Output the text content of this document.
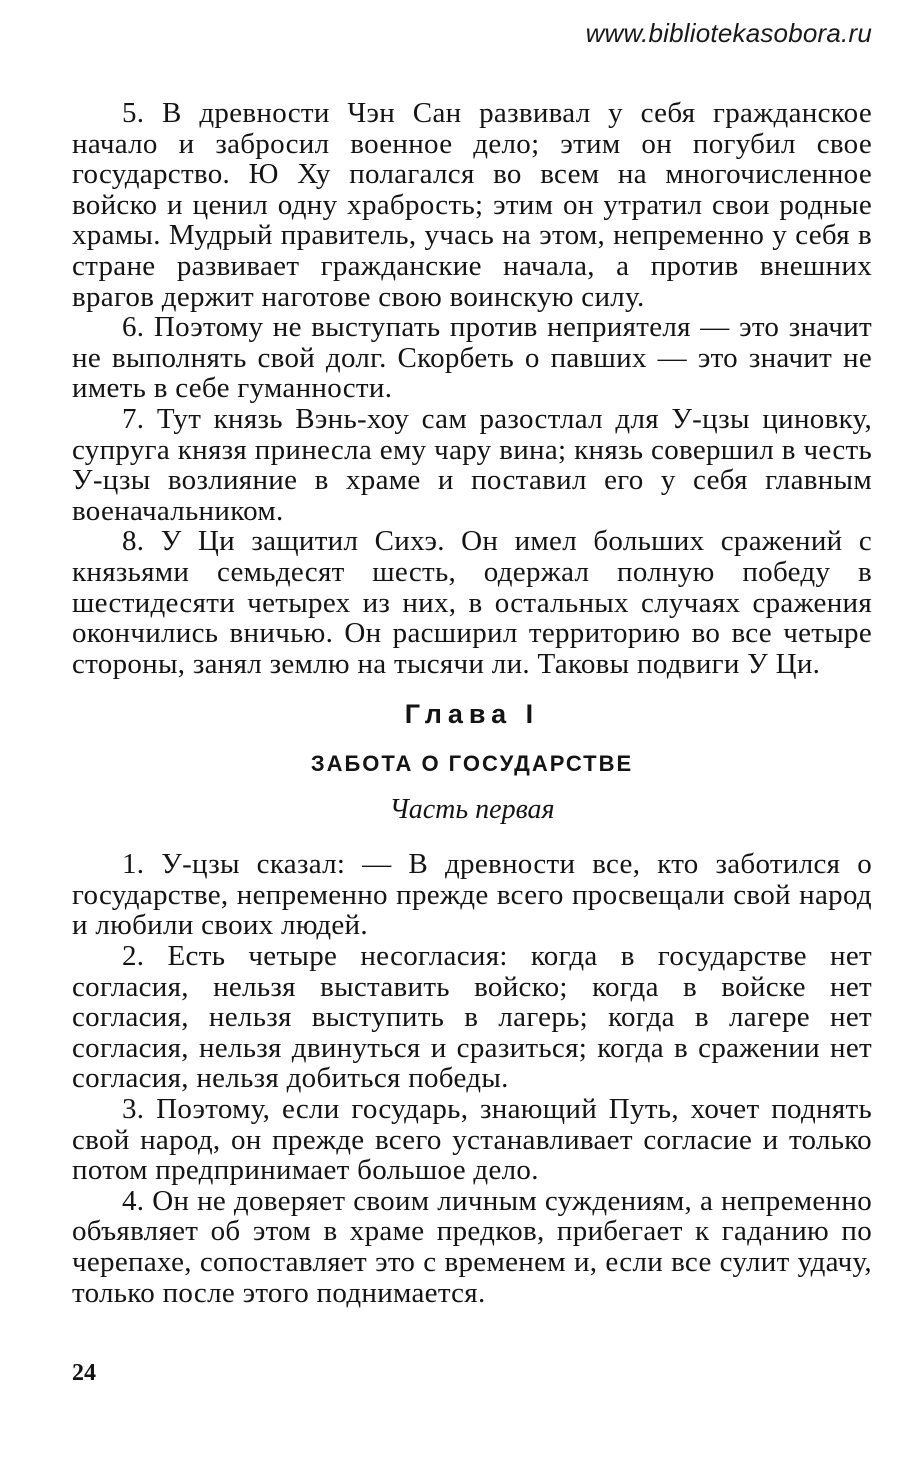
www.bibliotekasobora.ru

5. В древности Чэн Сан развивал у себя гражданское начало и забросил военное дело; этим он погубил свое государство. Ю Ху полагался во всем на многочисленное войско и ценил одну храбрость; этим он утратил свои родные храмы. Мудрый правитель, учась на этом, непременно у себя в стране развивает гражданские начала, а против внешних врагов держит наготове свою воинскую силу.

6. Поэтому не выступать против неприятеля — это значит не выполнять свой долг. Скорбеть о павших — это значит не иметь в себе гуманности.

7. Тут князь Вэнь-хоу сам разостлал для У-цзы циновку, супруга князя принесла ему чару вина; князь совершил в честь У-цзы возлияние в храме и поставил его у себя главным военачальником.

8. У Ци защитил Сихэ. Он имел больших сражений с князьями семьдесят шесть, одержал полную победу в шестидесяти четырех из них, в остальных случаях сражения окончились вничью. Он расширил территорию во все четыре стороны, занял землю на тысячи ли. Таковы подвиги У Ци.

Глава I
ЗАБОТА О ГОСУДАРСТВЕ
Часть первая

1. У-цзы сказал: — В древности все, кто заботился о государстве, непременно прежде всего просвещали свой народ и любили своих людей.

2. Есть четыре несогласия: когда в государстве нет согласия, нельзя выставить войско; когда в войске нет согласия, нельзя выступить в лагерь; когда в лагере нет согласия, нельзя двинуться и сразиться; когда в сражении нет согласия, нельзя добиться победы.

3. Поэтому, если государь, знающий Путь, хочет поднять свой народ, он прежде всего устанавливает согласие и только потом предпринимает большое дело.

4. Он не доверяет своим личным суждениям, а непременно объявляет об этом в храме предков, прибегает к гаданию по черепахе, сопоставляет это с временем и, если все сулит удачу, только после этого поднимается.

24
